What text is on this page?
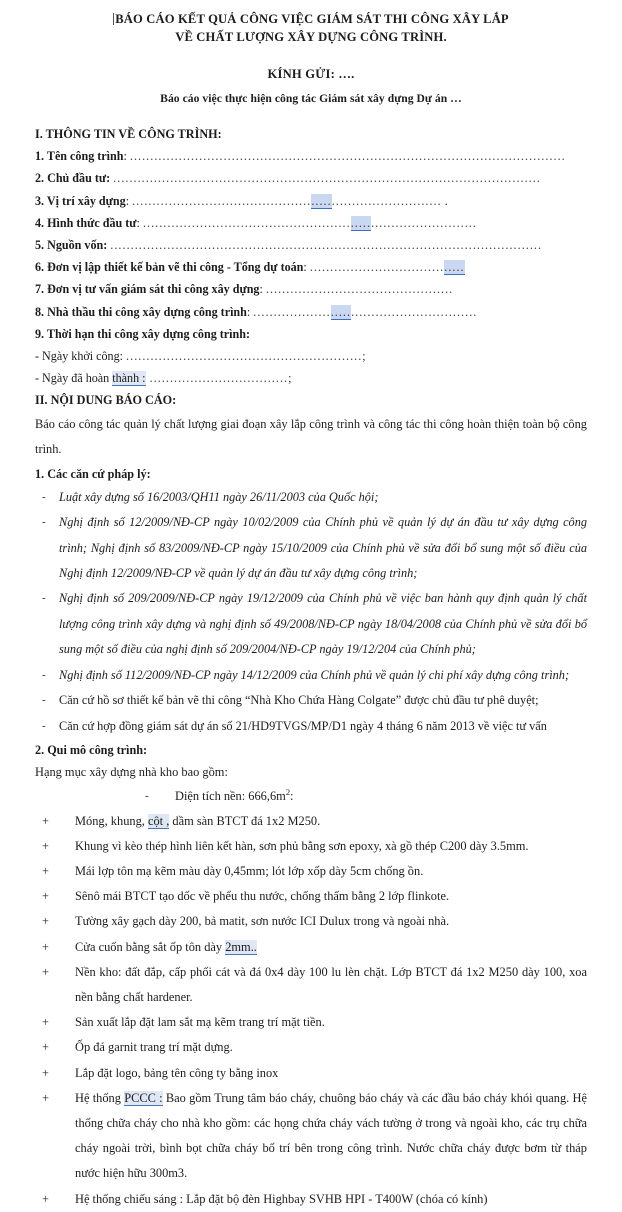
BÁO CÁO KẾT QUẢ CÔNG VIỆC GIÁM SÁT THI CÔNG XÂY LẮP
VỀ CHẤT LƯỢNG XÂY DỰNG CÔNG TRÌNH.
KÍNH GỬI: ….
Báo cáo việc thực hiện công tác Giám sát xây dựng Dự án …
I. THÔNG TIN VỀ CÔNG TRÌNH:
1. Tên công trình: ...........................................................................................................
2. Chủ đầu tư: .........................................................................................................
3. Vị trí xây dựng: ............................................................................ .
4. Hình thức đầu tư: ..................................................................................
5. Nguồn vốn: ..........................................................................................................
6. Đơn vị lập thiết kế bản vẽ thi công - Tổng dự toán: ......................................
7. Đơn vị tư vấn giám sát thi công xây dựng: ..............................................
8. Nhà thầu thi công xây dựng công trình: .......................................................
9. Thời hạn thi công xây dựng công trình:
- Ngày khởi công: ..........................................................;
- Ngày đã hoàn thành : ..................................;
II. NỘI DUNG BÁO CÁO:
Báo cáo công tác quản lý chất lượng giai đoạn xây lắp công trình và công tác thi công hoàn thiện toàn bộ công trình.
1. Các căn cứ pháp lý:
- Luật xây dựng số 16/2003/QH11 ngày 26/11/2003 của Quốc hội;
- Nghị định số 12/2009/NĐ-CP ngày 10/02/2009 của Chính phủ về quản lý dự án đầu tư xây dựng công trình; Nghị định số 83/2009/NĐ-CP ngày 15/10/2009 của Chính phủ về sửa đổi bổ sung một số điều của Nghị định 12/2009/NĐ-CP về quản lý dự án đầu tư xây dựng công trình;
- Nghị định số 209/2009/NĐ-CP ngày 19/12/2009 của Chính phủ về việc ban hành quy định quản lý chất lượng công trình xây dựng và nghị định số 49/2008/NĐ-CP ngày 18/04/2008 của Chính phủ về sửa đổi bổ sung một số điều của nghị định số 209/2004/NĐ-CP ngày 19/12/204 của Chính phủ;
- Nghị định số 112/2009/NĐ-CP ngày 14/12/2009 của Chính phủ về quản lý chi phí xây dựng công trình;
- Căn cứ hồ sơ thiết kế bản vẽ thi công “Nhà Kho Chứa Hàng Colgate” được chủ đầu tư phê duyệt;
- Căn cứ hợp đồng giám sát dự án số 21/HD9TVGS/MP/D1 ngày 4 tháng 6 năm 2013 về việc tư vấn
2. Qui mô công trình:
Hạng mục xây dựng nhà kho bao gồm:
- Diện tích nền: $666,6m^2$:
+ Móng, khung, cột , dầm sàn BTCT đá 1x2 M250.
+ Khung vì kèo thép hình liên kết hàn, sơn phủ bằng sơn epoxy, xà gồ thép C200 dày 3.5mm.
+ Mái lợp tôn mạ kẽm màu dày 0,45mm; lót lớp xốp dày 5cm chống ồn.
+ Sênô mái BTCT tạo dốc về phểu thu nước, chống thấm bằng 2 lớp flinkote.
+ Tường xây gạch dày 200, bả matit, sơn nước ICI Dulux trong và ngoài nhà.
+ Cửa cuốn bằng sắt ốp tôn dày 2mm..
+ Nền kho: đất đắp, cấp phối cát và đá 0x4 dày 100 lu lèn chặt. Lớp BTCT đá 1x2 M250 dày 100, xoa nền bằng chất hardener.
+ Sản xuất lắp đặt lam sắt mạ kẽm trang trí mặt tiền.
+ Ốp đá garnit trang trí mặt dựng.
+ Lắp đặt logo, bảng tên công ty bằng inox
+ Hệ thống PCCC : Bao gồm Trung tâm báo cháy, chuông báo cháy và các đầu báo cháy khói quang. Hệ thống chữa cháy cho nhà kho gồm: các họng chứa cháy vách tường ở trong và ngoài kho, các trụ chữa cháy ngoài trời, bình bọt chữa cháy bố trí bên trong công trình. Nước chữa cháy được bơm từ tháp nước hiện hữu 300m3.
+ Hệ thống chiếu sáng : Lắp đặt bộ đèn Highbay SVHB HPI - T400W (chóa có kính)
